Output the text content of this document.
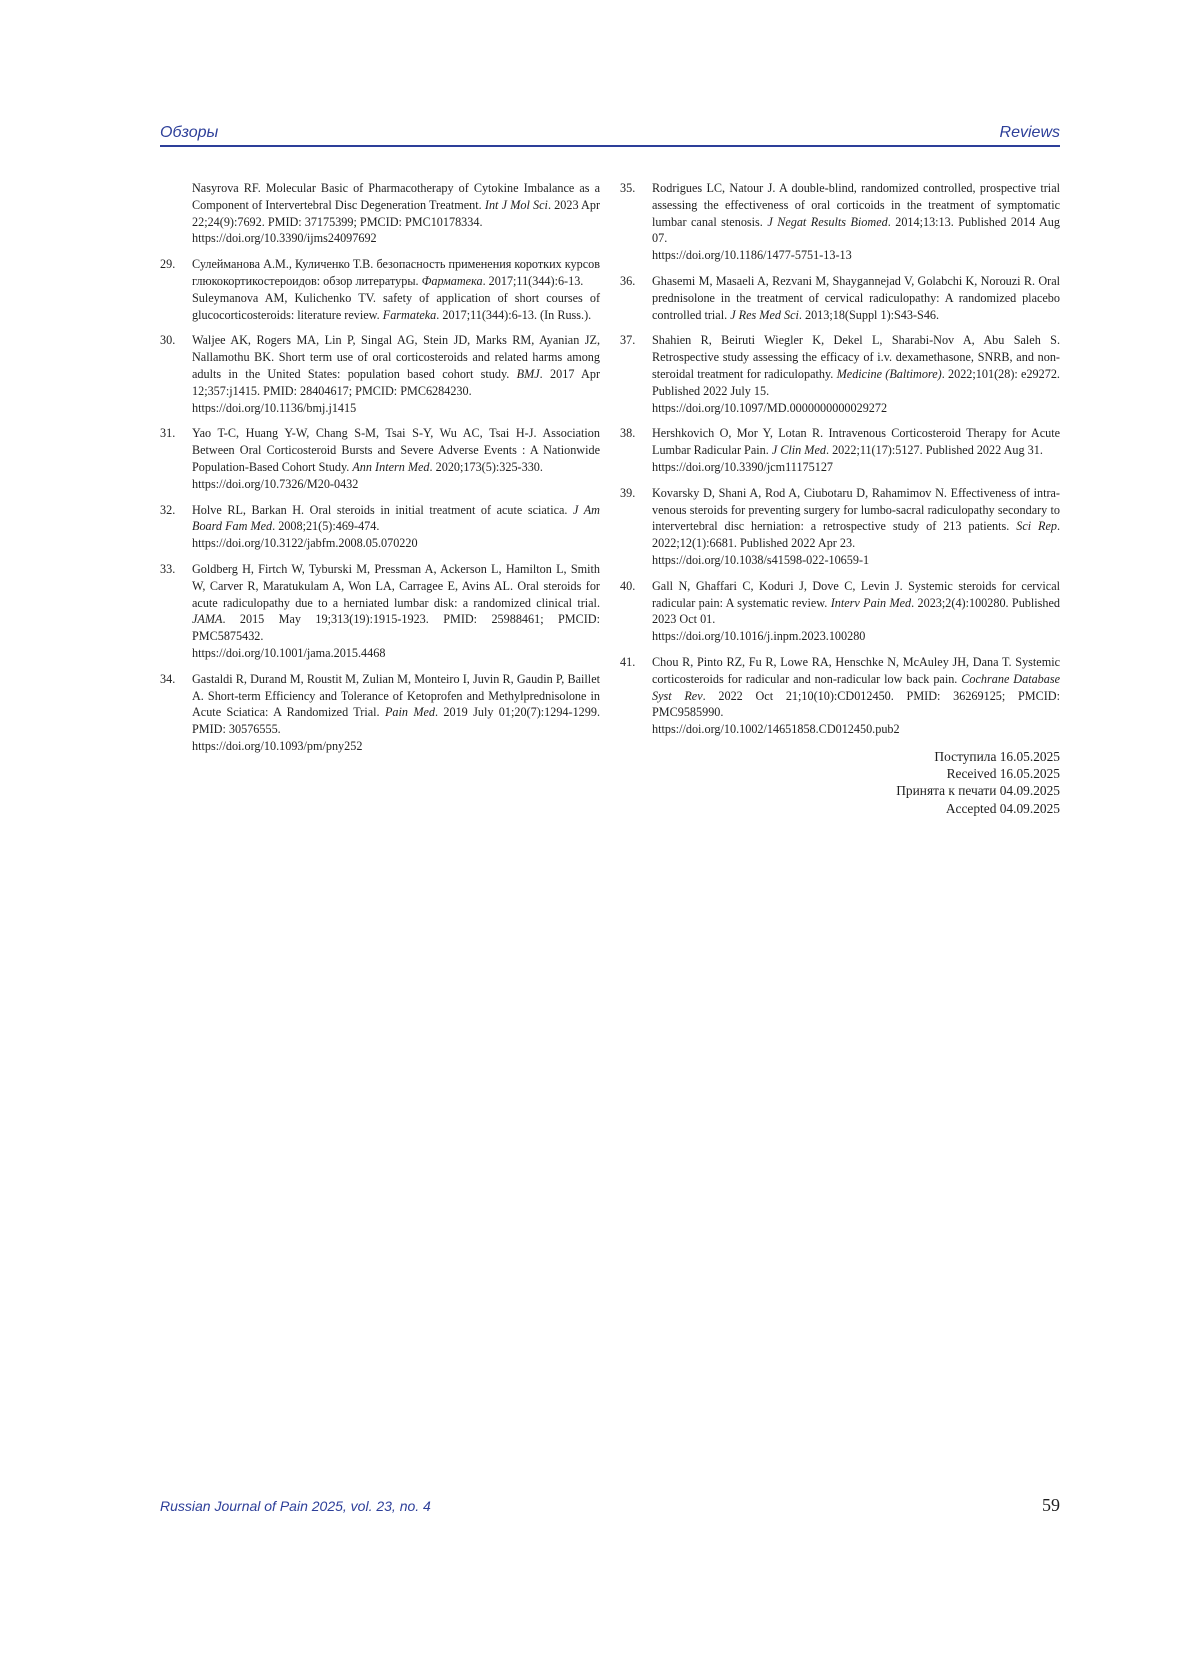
Обзоры	Reviews
Nasyrova RF. Molecular Basic of Pharmacotherapy of Cytokine Imbalance as a Component of Intervertebral Disc Degeneration Treatment. Int J Mol Sci. 2023 Apr 22;24(9):7692. PMID: 37175399; PMCID: PMC10178334.
https://doi.org/10.3390/ijms24097692
29.	Сулейманова А.М., Куличенко Т.В. безопасность применения коротких курсов глюкокортикостероидов: обзор литературы. Фарматека. 2017;11(344):6-13.
Suleymanova AM, Kulichenko TV. safety of application of short courses of glucocorticosteroids: literature review. Farmateka. 2017;11(344):6-13. (In Russ.).
30.	Waljee AK, Rogers MA, Lin P, Singal AG, Stein JD, Marks RM, Ayanian JZ, Nallamothu BK. Short term use of oral corticosteroids and related harms among adults in the United States: population based cohort study. BMJ. 2017 Apr 12;357:j1415. PMID: 28404617; PMCID: PMC6284230.
https://doi.org/10.1136/bmj.j1415
31.	Yao T-C, Huang Y-W, Chang S-M, Tsai S-Y, Wu AC, Tsai H-J. Association Between Oral Corticosteroid Bursts and Severe Adverse Events : A Nationwide Population-Based Cohort Study. Ann Intern Med. 2020;173(5):325-330.
https://doi.org/10.7326/M20-0432
32.	Holve RL, Barkan H. Oral steroids in initial treatment of acute sciatica. J Am Board Fam Med. 2008;21(5):469-474.
https://doi.org/10.3122/jabfm.2008.05.070220
33.	Goldberg H, Firtch W, Tyburski M, Pressman A, Ackerson L, Hamilton L, Smith W, Carver R, Maratukulam A, Won LA, Carragee E, Avins AL. Oral steroids for acute radiculopathy due to a herniated lumbar disk: a randomized clinical trial. JAMA. 2015 May 19;313(19):1915-1923. PMID: 25988461; PMCID: PMC5875432.
https://doi.org/10.1001/jama.2015.4468
34.	Gastaldi R, Durand M, Roustit M, Zulian M, Monteiro I, Juvin R, Gaudin P, Baillet A. Short-term Efficiency and Tolerance of Ketoprofen and Methylprednisolone in Acute Sciatica: A Randomized Trial. Pain Med. 2019 July 01;20(7):1294-1299. PMID: 30576555.
https://doi.org/10.1093/pm/pny252
35.	Rodrigues LC, Natour J. A double-blind, randomized controlled, prospective trial assessing the effectiveness of oral corticoids in the treatment of symptomatic lumbar canal stenosis. J Negat Results Biomed. 2014;13:13. Published 2014 Aug 07.
https://doi.org/10.1186/1477-5751-13-13
36.	Ghasemi M, Masaeli A, Rezvani M, Shaygannejad V, Golabchi K, Norouzi R. Oral prednisolone in the treatment of cervical radiculopathy: A randomized placebo controlled trial. J Res Med Sci. 2013;18(Suppl 1):S43-S46.
37.	Shahien R, Beiruti Wiegler K, Dekel L, Sharabi-Nov A, Abu Saleh S. Retrospective study assessing the efficacy of i.v. dexamethasone, SNRB, and non-steroidal treatment for radiculopathy. Medicine (Baltimore). 2022;101(28): e29272. Published 2022 July 15.
https://doi.org/10.1097/MD.0000000000029272
38.	Hershkovich O, Mor Y, Lotan R. Intravenous Corticosteroid Therapy for Acute Lumbar Radicular Pain. J Clin Med. 2022;11(17):5127. Published 2022 Aug 31.
https://doi.org/10.3390/jcm11175127
39.	Kovarsky D, Shani A, Rod A, Ciubotaru D, Rahamimov N. Effectiveness of intra-venous steroids for preventing surgery for lumbo-sacral radiculopathy secondary to intervertebral disc herniation: a retrospective study of 213 patients. Sci Rep. 2022;12(1):6681. Published 2022 Apr 23.
https://doi.org/10.1038/s41598-022-10659-1
40.	Gall N, Ghaffari C, Koduri J, Dove C, Levin J. Systemic steroids for cervical radicular pain: A systematic review. Interv Pain Med. 2023;2(4):100280. Published 2023 Oct 01.
https://doi.org/10.1016/j.inpm.2023.100280
41.	Chou R, Pinto RZ, Fu R, Lowe RA, Henschke N, McAuley JH, Dana T. Systemic corticosteroids for radicular and non-radicular low back pain. Cochrane Database Syst Rev. 2022 Oct 21;10(10):CD012450. PMID: 36269125; PMCID: PMC9585990.
https://doi.org/10.1002/14651858.CD012450.pub2
Поступила 16.05.2025
Received 16.05.2025
Принята к печати 04.09.2025
Accepted 04.09.2025
Russian Journal of Pain 2025, vol. 23, no. 4	59
